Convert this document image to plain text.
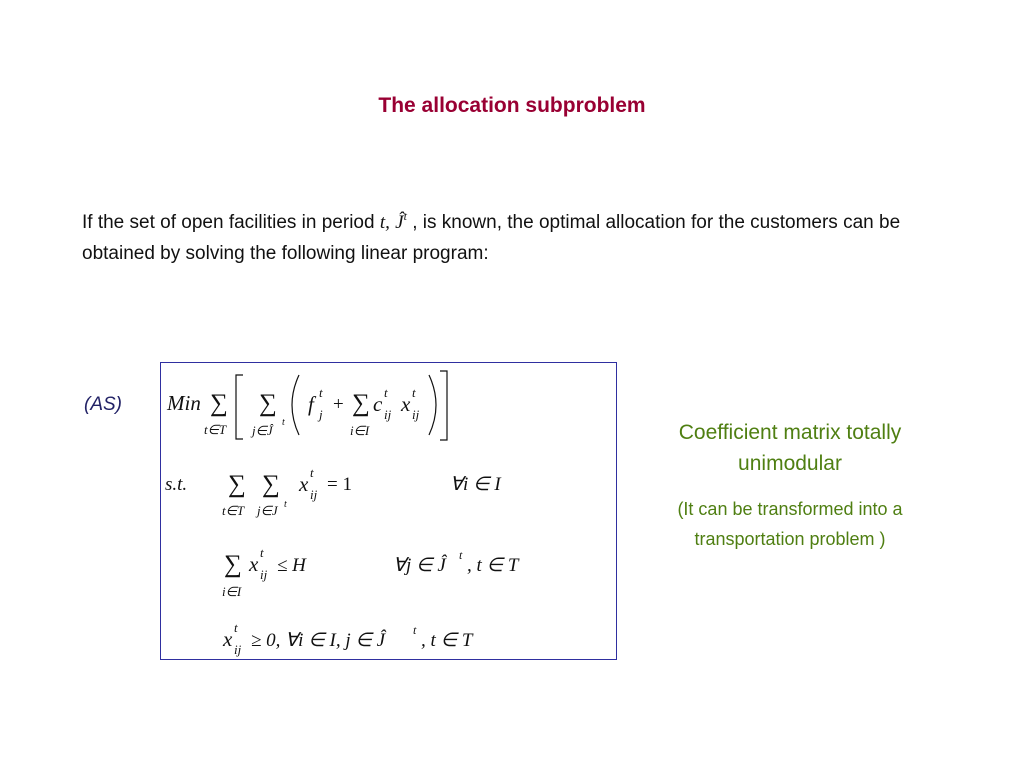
The allocation subproblem
If the set of open facilities in period t, $Ĵ^t$ , is known, the optimal allocation for the customers can be obtained by solving the following linear program:
(AS) Min ∑
t∈T
∑
j∈Ĵ
t
f t
j + ∑
i∈I
c t
ij x t
ij
s.t. ∑
t∈T
∑
j∈J t
x t
ij = 1	∀i ∈ I
∑
i∈I
x t
ij ≤ H	∀j ∈ Ĵ t , t ∈ T
x t
ij ≥ 0, ∀i ∈ I, j ∈ Ĵ t , t ∈ T
Coefficient matrix totally unimodular
(It can be transformed into a transportation problem )
